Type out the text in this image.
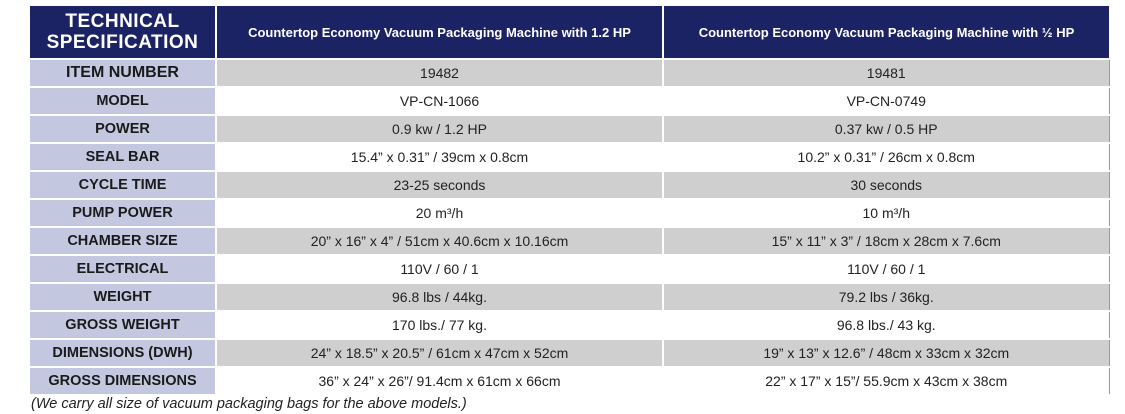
TECHNICAL
SPECIFICATION	Countertop Economy Vacuum Packaging Machine with 1.2 HP	Countertop Economy Vacuum Packaging Machine with ½ HP
ITEM NUMBER	19482	19481
MODEL	VP-CN-1066	VP-CN-0749
POWER	0.9 kw / 1.2 HP	0.37 kw / 0.5 HP
SEAL BAR	15.4” x 0.31” / 39cm x 0.8cm	10.2” x 0.31” / 26cm x 0.8cm
CYCLE TIME	23-25 seconds	30 seconds
PUMP POWER	20 m³/h	10 m³/h
CHAMBER SIZE	20” x 16” x 4” / 51cm x 40.6cm x 10.16cm	15” x 11” x 3” / 18cm x 28cm x 7.6cm
ELECTRICAL	110V / 60 / 1	110V / 60 / 1
WEIGHT	96.8 lbs / 44kg.	79.2 lbs / 36kg.
GROSS WEIGHT	170 lbs./ 77 kg.	96.8 lbs./ 43 kg.
DIMENSIONS (DWH)	24” x 18.5” x 20.5” / 61cm x 47cm x 52cm	19” x 13” x 12.6” / 48cm x 33cm x 32cm
GROSS DIMENSIONS	36” x 24” x 26”/ 91.4cm x 61cm x 66cm	22” x 17” x 15”/ 55.9cm x 43cm x 38cm
(We carry all size of vacuum packaging bags for the above models.)
